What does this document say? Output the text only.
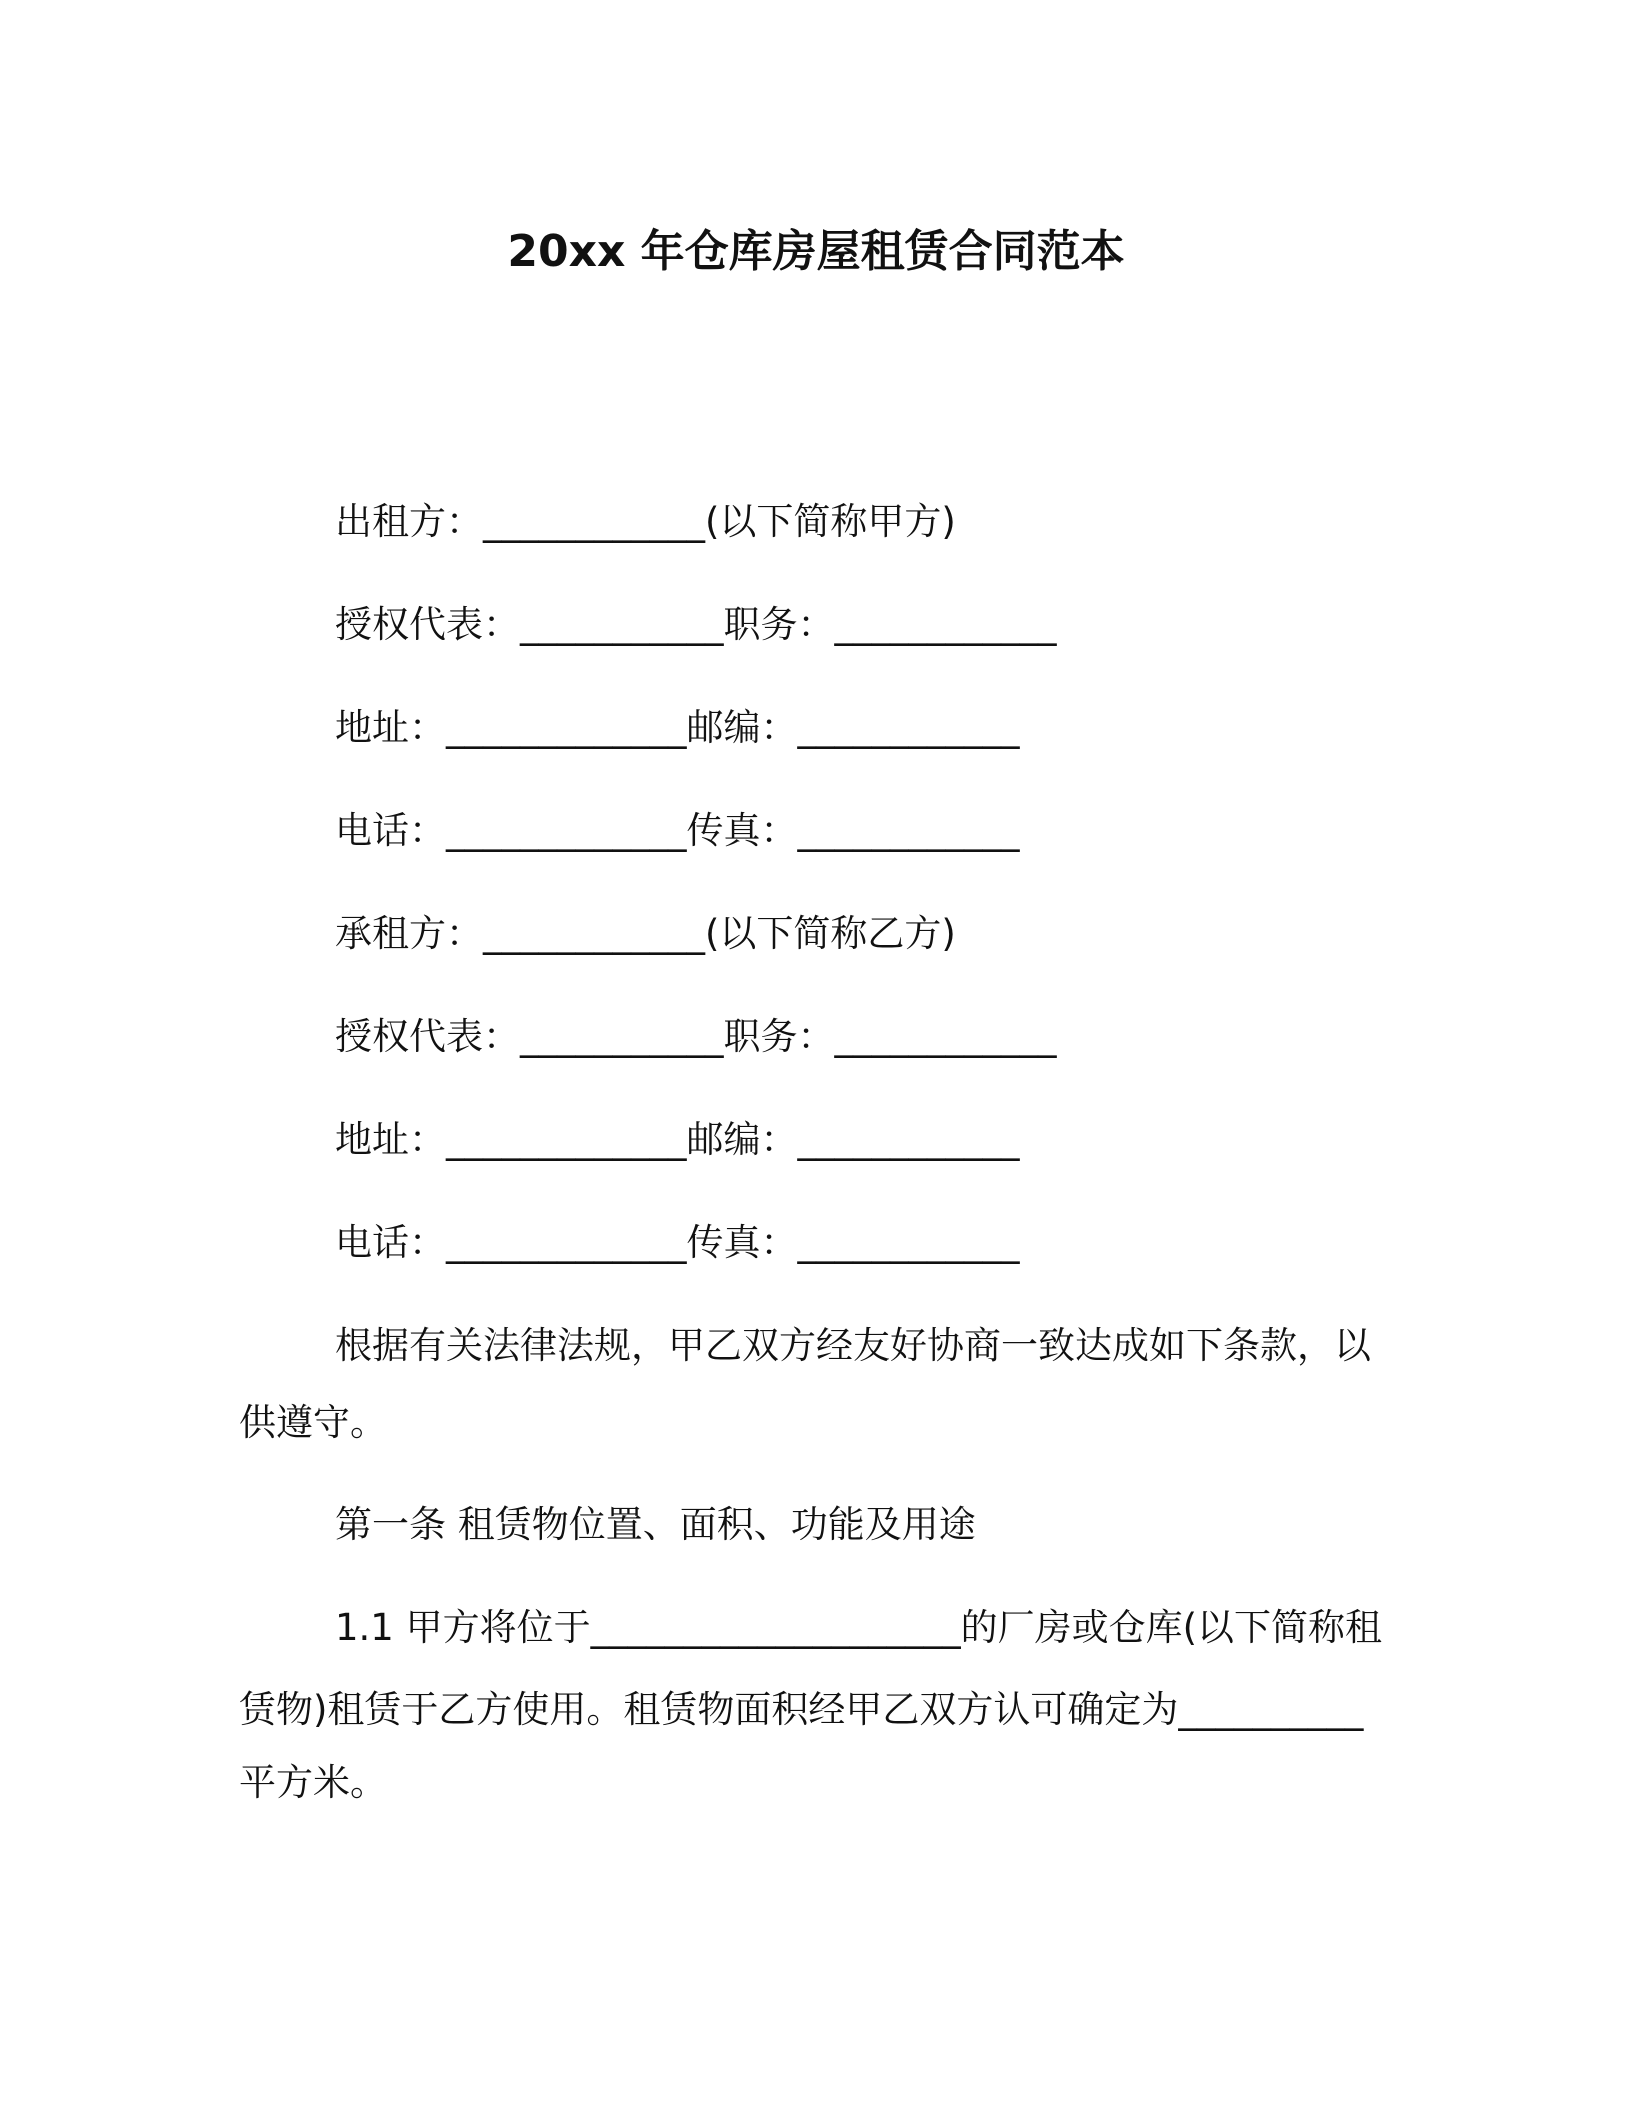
20xx 年仓库房屋租赁合同范本
出租方：____________(以下简称甲方)
授权代表：___________职务：____________
地址：_____________邮编：____________
电话：_____________传真：____________
承租方：____________(以下简称乙方)
授权代表：___________职务：____________
地址：_____________邮编：____________
电话：_____________传真：____________
根据有关法律法规，甲乙双方经友好协商一致达成如下条款，以
供遵守。
第一条 租赁物位置、面积、功能及用途
1.1 甲方将位于____________________的厂房或仓库(以下简称租
赁物)租赁于乙方使用。租赁物面积经甲乙双方认可确定为__________
平方米。
